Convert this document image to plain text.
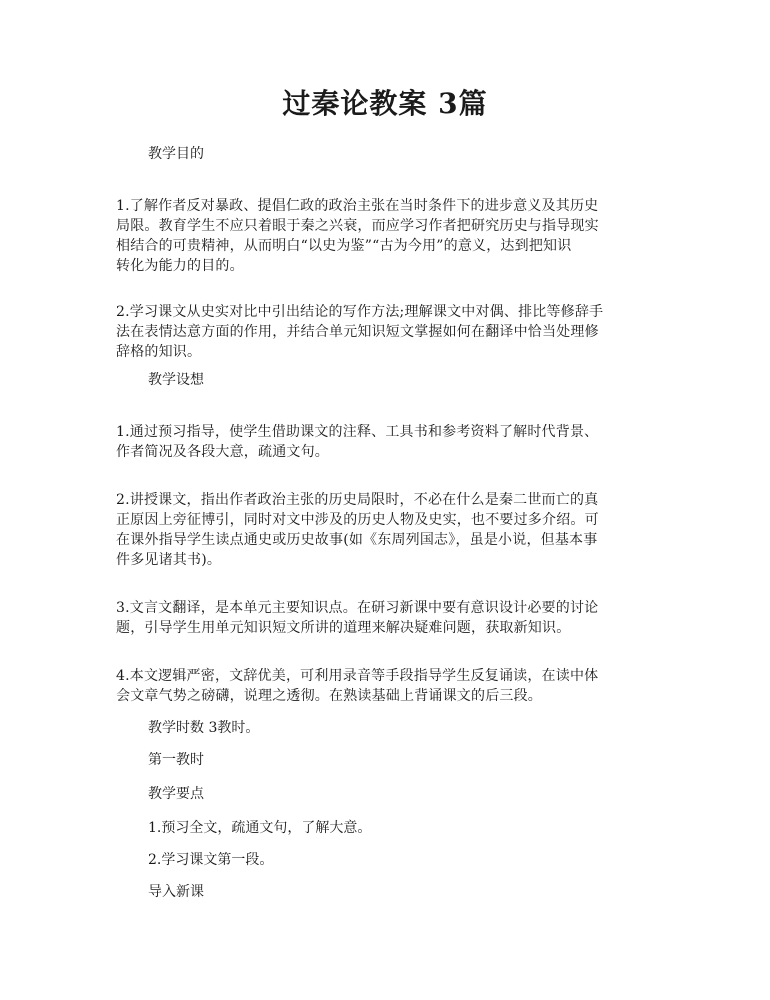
过秦论教案 3篇
教学目的
1.了解作者反对暴政、提倡仁政的政治主张在当时条件下的进步意义及其历史
局限。教育学生不应只着眼于秦之兴衰，而应学习作者把研究历史与指导现实
相结合的可贵精神，从而明白“以史为鉴”“古为今用”的意义，达到把知识
转化为能力的目的。
2.学习课文从史实对比中引出结论的写作方法;理解课文中对偶、排比等修辞手
法在表情达意方面的作用，并结合单元知识短文掌握如何在翻译中恰当处理修
辞格的知识。
教学设想
1.通过预习指导，使学生借助课文的注释、工具书和参考资料了解时代背景、
作者简况及各段大意，疏通文句。
2.讲授课文，指出作者政治主张的历史局限时，不必在什么是秦二世而亡的真
正原因上旁征博引，同时对文中涉及的历史人物及史实，也不要过多介绍。可
在课外指导学生读点通史或历史故事(如《东周列国志》，虽是小说，但基本事
件多见诸其书)。
3.文言文翻译，是本单元主要知识点。在研习新课中要有意识设计必要的讨论
题，引导学生用单元知识短文所讲的道理来解决疑难问题，获取新知识。
4.本文逻辑严密，文辞优美，可利用录音等手段指导学生反复诵读，在读中体
会文章气势之磅礴，说理之透彻。在熟读基础上背诵课文的后三段。
教学时数 3教时。
第一教时
教学要点
1.预习全文，疏通文句，了解大意。
2.学习课文第一段。
导入新课
